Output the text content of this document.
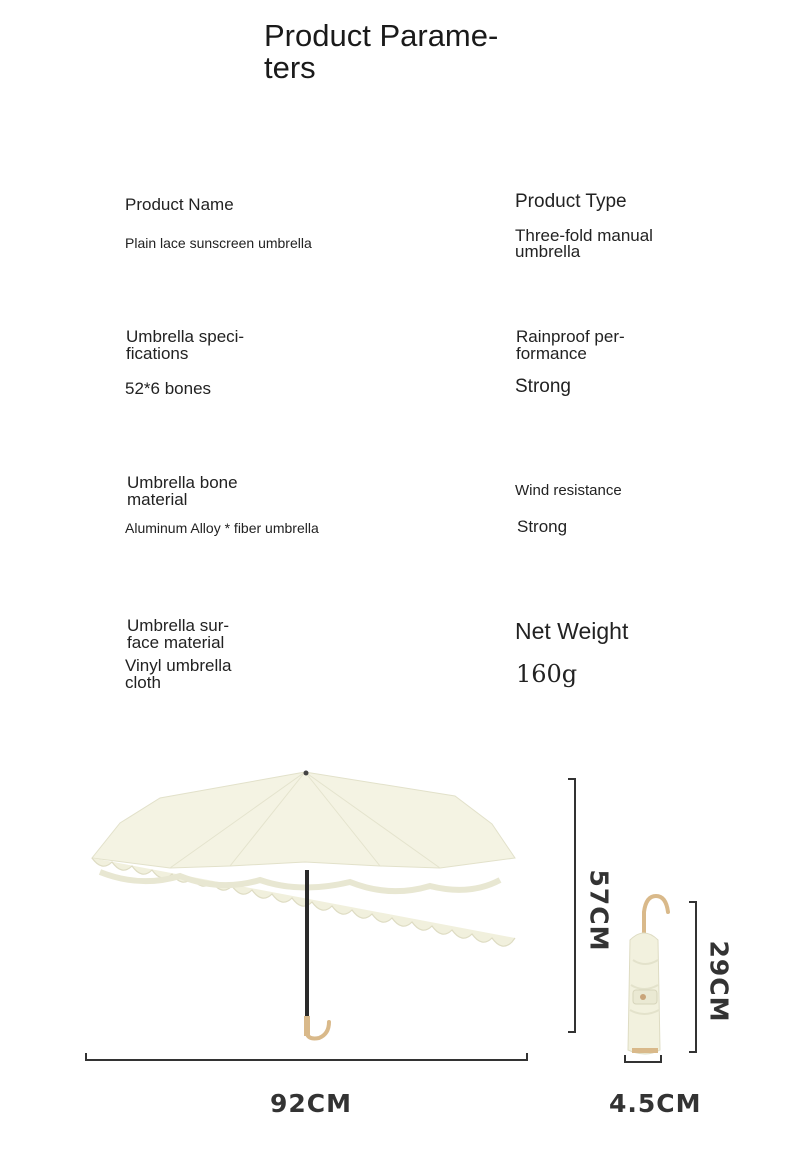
Product Parame-
ters
Product Name
Plain lace sunscreen umbrella
Product Type
Three-fold manual
umbrella
Umbrella speci-
fications
52*6 bones
Rainproof per-
formance
Strong
Umbrella bone
material
Aluminum Alloy * fiber umbrella
Wind resistance
Strong
Umbrella sur-
face material
Vinyl umbrella
cloth
Net Weight
160g
92CM	4.5CM
57CM
29CM
